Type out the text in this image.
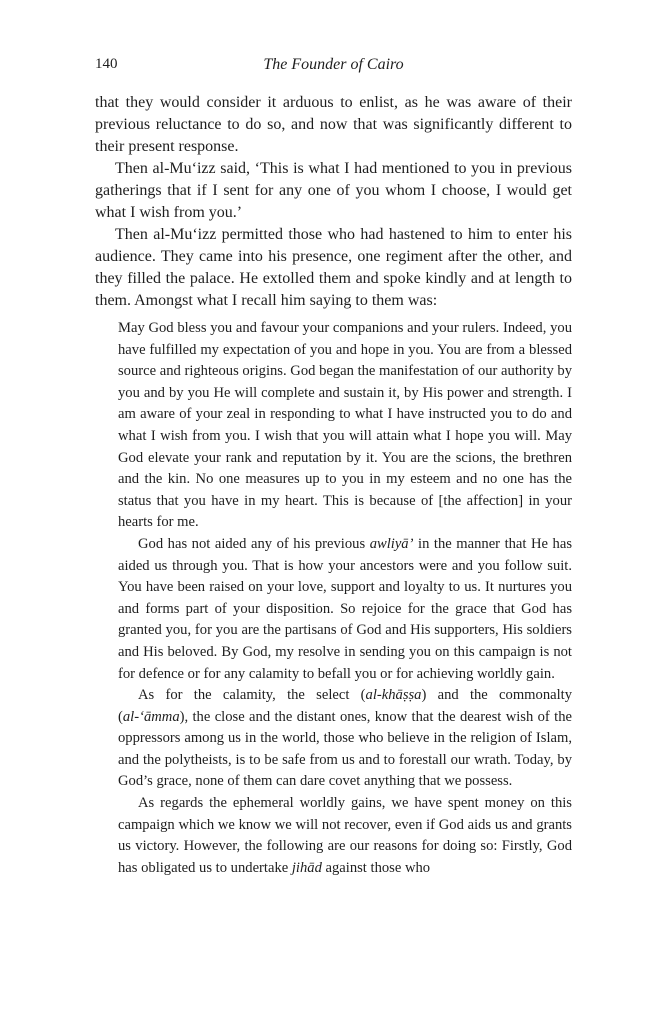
140	The Founder of Cairo

that they would consider it arduous to enlist, as he was aware of their previous reluctance to do so, and now that was significantly different to their present response.

Then al-Mu‘izz said, ‘This is what I had mentioned to you in previous gatherings that if I sent for any one of you whom I choose, I would get what I wish from you.’

Then al-Mu‘izz permitted those who had hastened to him to enter his audience. They came into his presence, one regiment after the other, and they filled the palace. He extolled them and spoke kindly and at length to them. Amongst what I recall him saying to them was:

May God bless you and favour your companions and your rulers. Indeed, you have fulfilled my expectation of you and hope in you. You are from a blessed source and righteous origins. God began the manifestation of our authority by you and by you He will complete and sustain it, by His power and strength. I am aware of your zeal in responding to what I have instructed you to do and what I wish from you. I wish that you will attain what I hope you will. May God elevate your rank and reputation by it. You are the scions, the brethren and the kin. No one measures up to you in my esteem and no one has the status that you have in my heart. This is because of [the affection] in your hearts for me.

God has not aided any of his previous awliyā’ in the manner that He has aided us through you. That is how your ancestors were and you follow suit. You have been raised on your love, support and loyalty to us. It nurtures you and forms part of your disposition. So rejoice for the grace that God has granted you, for you are the partisans of God and His supporters, His soldiers and His beloved. By God, my resolve in sending you on this campaign is not for defence or for any calamity to befall you or for achieving worldly gain.

As for the calamity, the select (al-khāṣṣa) and the commonalty (al-‘āmma), the close and the distant ones, know that the dearest wish of the oppressors among us in the world, those who believe in the religion of Islam, and the polytheists, is to be safe from us and to forestall our wrath. Today, by God’s grace, none of them can dare covet anything that we possess.

As regards the ephemeral worldly gains, we have spent money on this campaign which we know we will not recover, even if God aids us and grants us victory. However, the following are our reasons for doing so: Firstly, God has obligated us to undertake jihād against those who
